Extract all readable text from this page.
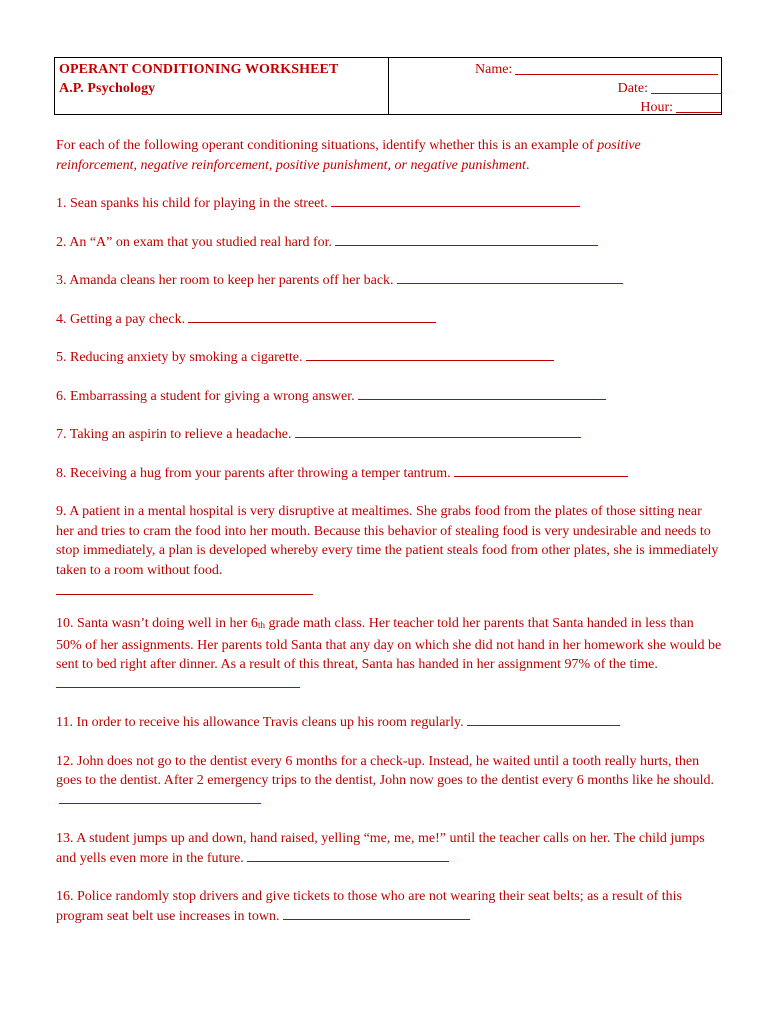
OPERANT CONDITIONING WORKSHEET
A.P. Psychology
Name:
Date:
Hour:

For each of the following operant conditioning situations, identify whether this is an example of positive reinforcement, negative reinforcement, positive punishment, or negative punishment.

1. Sean spanks his child for playing in the street.

2. An “A” on exam that you studied real hard for.

3. Amanda cleans her room to keep her parents off her back.

4. Getting a pay check.

5. Reducing anxiety by smoking a cigarette.

6. Embarrassing a student for giving a wrong answer.

7. Taking an aspirin to relieve a headache.

8. Receiving a hug from your parents after throwing a temper tantrum.

9. A patient in a mental hospital is very disruptive at mealtimes. She grabs food from the plates of those sitting near her and tries to cram the food into her mouth. Because this behavior of stealing food is very undesirable and needs to stop immediately, a plan is developed whereby every time the patient steals food from other plates, she is immediately taken to a room without food.

10. Santa wasn’t doing well in her $6_{th}$ grade math class. Her teacher told her parents that Santa handed in less than 50% of her assignments. Her parents told Santa that any day on which she did not hand in her homework she would be sent to bed right after dinner. As a result of this threat, Santa has handed in her assignment 97% of the time.

11. In order to receive his allowance Travis cleans up his room regularly.

12. John does not go to the dentist every 6 months for a check-up. Instead, he waited until a tooth really hurts, then goes to the dentist. After 2 emergency trips to the dentist, John now goes to the dentist every 6 months like he should.

13. A student jumps up and down, hand raised, yelling “me, me, me!” until the teacher calls on her. The child jumps and yells even more in the future.

16. Police randomly stop drivers and give tickets to those who are not wearing their seat belts; as a result of this program seat belt use increases in town.
